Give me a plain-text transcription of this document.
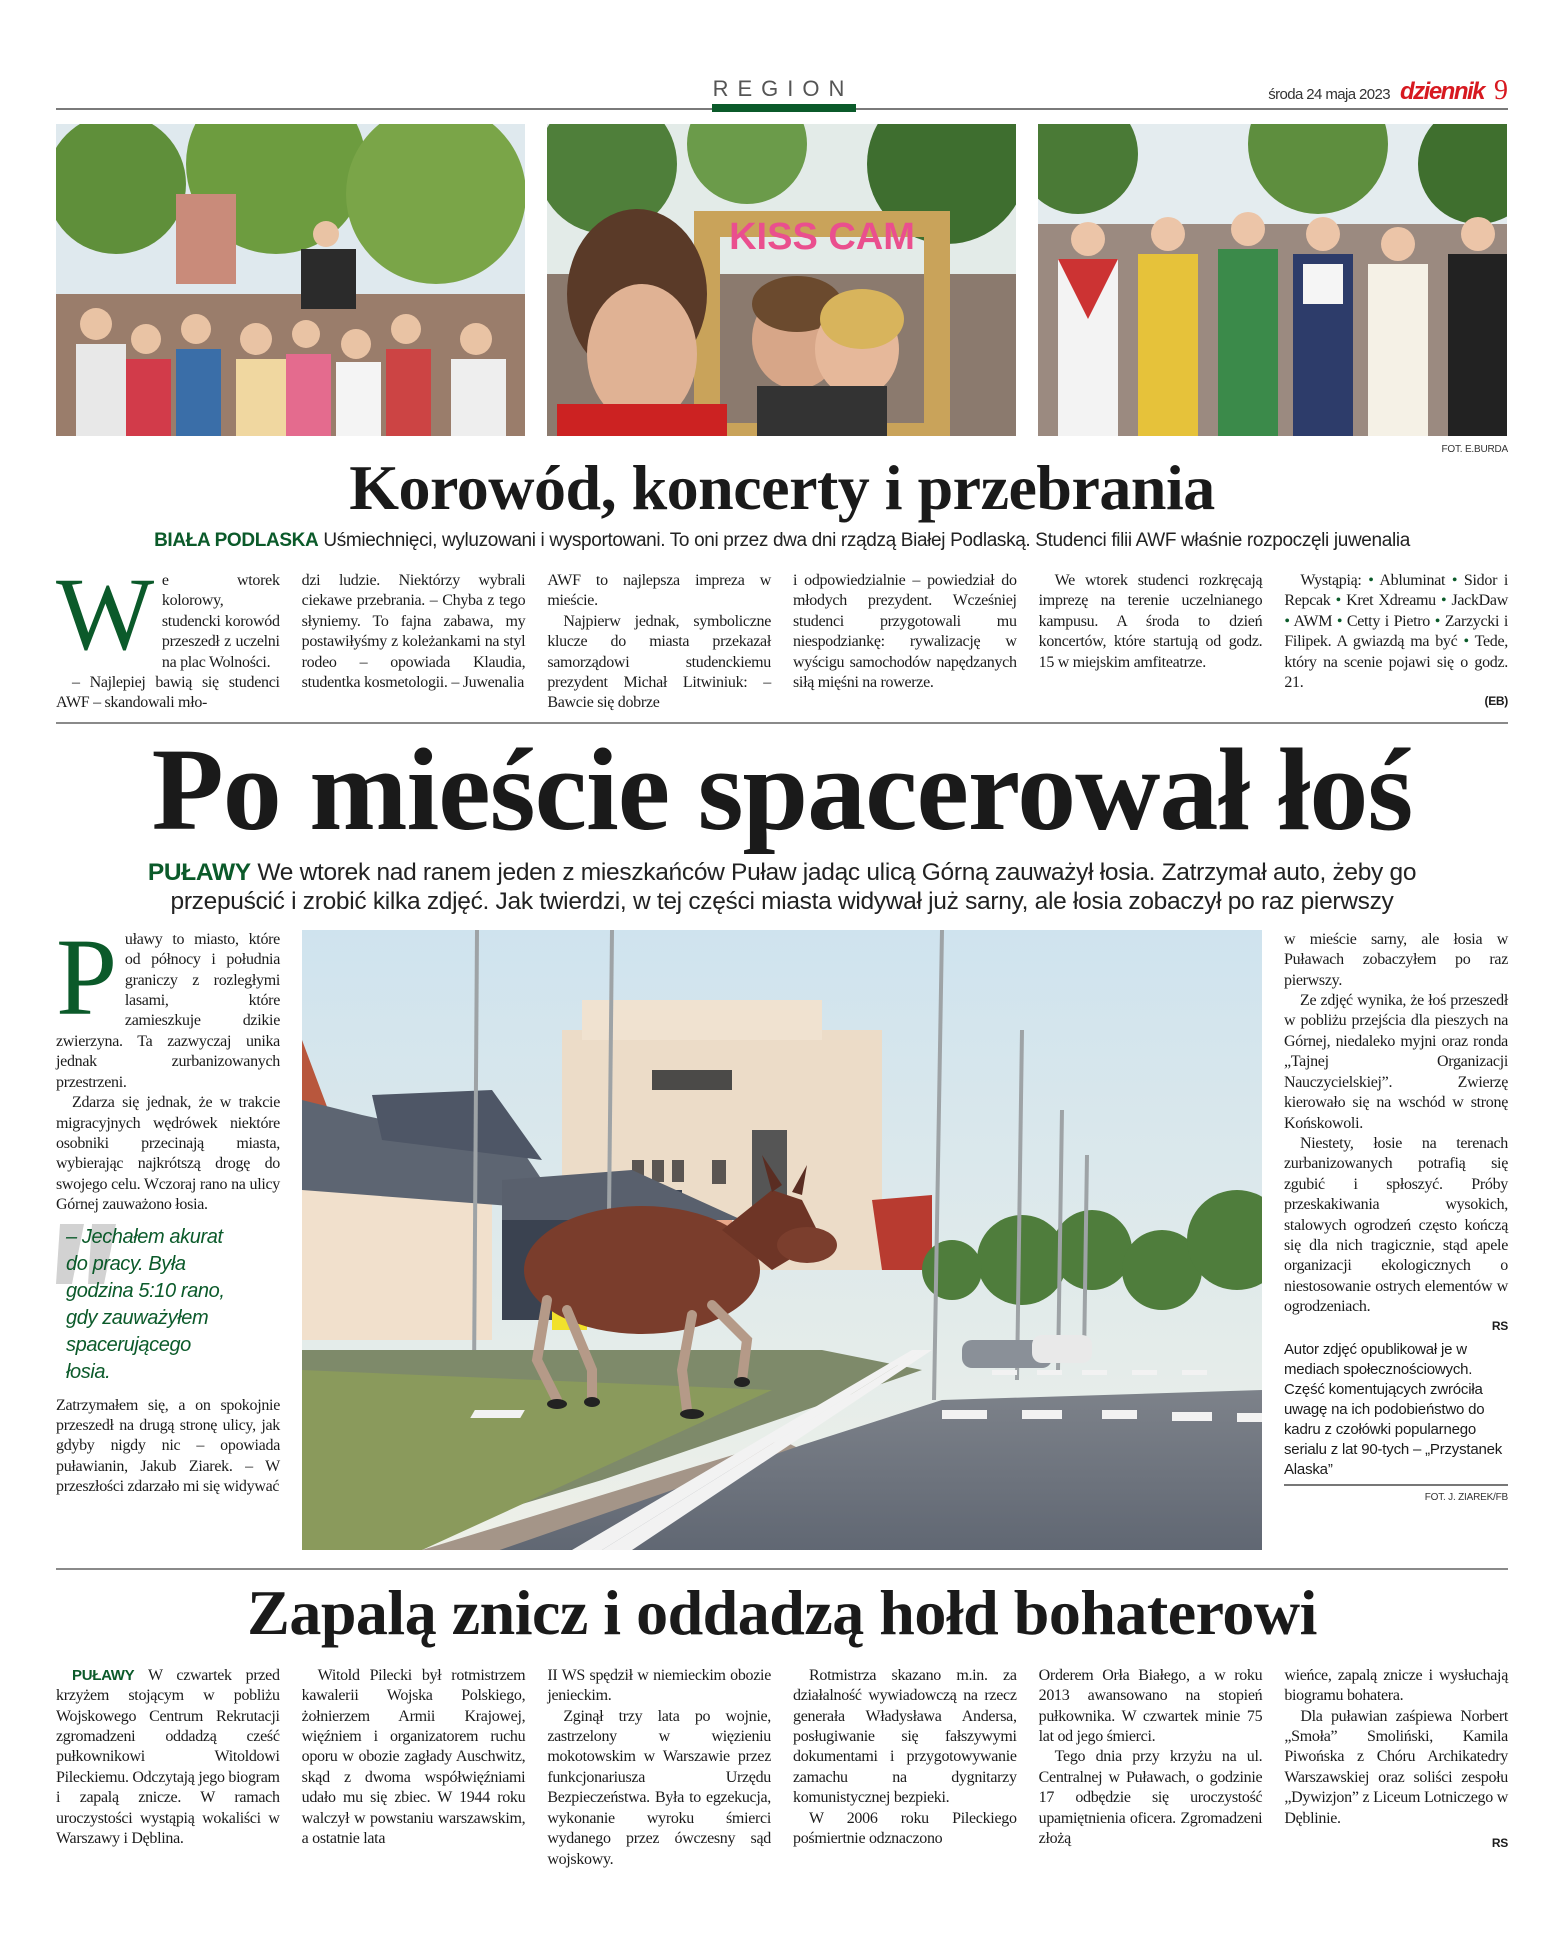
REGION	środa 24 maja 2023 dziennik 9
KISS CAM
FOT. E.BURDA
Korowód, koncerty i przebrania
BIAŁA PODLASKA Uśmiechnięci, wyluzowani i wysportowani. To oni przez dwa dni rządzą Białej Podlaską. Studenci filii AWF właśnie rozpoczęli juwenalia
W e wtorek kolorowy, studencki korowód przeszedł z uczelni na plac Wolności.

– Najlepiej bawią się studenci AWF – skandowali mło-

dzi ludzie. Niektórzy wybrali ciekawe przebrania. – Chyba z tego słyniemy. To fajna zabawa, my postawiłyśmy z koleżankami na styl rodeo – opowiada Klaudia, studentka kosmetologii. – Juwenalia

AWF to najlepsza impreza w mieście.

Najpierw jednak, symboliczne klucze do miasta przekazał samorządowi studenckiemu prezydent Michał Litwiniuk: – Bawcie się dobrze

i odpowiedzialnie – powiedział do młodych prezydent. Wcześniej studenci przygotowali mu niespodziankę: rywalizację w wyścigu samochodów napędzanych siłą mięśni na rowerze.

We wtorek studenci rozkręcają imprezę na terenie uczelnianego kampusu. A środa to dzień koncertów, które startują od godz. 15 w miejskim amfiteatrze.

Wystąpią: • Abluminat • Sidor i Repcak • Kret Xdreamu • JackDaw • AWM • Cetty i Pietro • Zarzycki i Filipek. A gwiazdą ma być • Tede, który na scenie pojawi się o godz. 21.

(EB)
Po mieście spacerował łoś
PUŁAWY We wtorek nad ranem jeden z mieszkańców Puław jadąc ulicą Górną zauważył łosia. Zatrzymał auto, żeby go przepuścić i zrobić kilka zdjęć. Jak twierdzi, w tej części miasta widywał już sarny, ale łosia zobaczył po raz pierwszy
P uławy to miasto, które od północy i południa graniczy z rozległymi lasami, które zamieszkuje dzikie zwierzyna. Ta zazwyczaj unika jednak zurbanizowanych przestrzeni.

Zdarza się jednak, że w trakcie migracyjnych wędrówek niektóre osobniki przecinają miasta, wybierając najkrótszą drogę do swojego celu. Wczoraj rano na ulicy Górnej zauważono łosia.

– Jechałem akurat
do pracy. Była
godzina 5:10 rano,
gdy zauważyłem
spacerującego
łosia.

Zatrzymałem się, a on spokojnie przeszedł na drugą stronę ulicy, jak gdyby nigdy nic – opowiada puławianin, Jakub Ziarek. – W przeszłości zdarzało mi się widywać

w mieście sarny, ale łosia w Puławach zobaczyłem po raz pierwszy.

Ze zdjęć wynika, że łoś przeszedł w pobliżu przejścia dla pieszych na Górnej, niedaleko myjni oraz ronda „Tajnej Organizacji Nauczycielskiej”. Zwierzę kierowało się na wschód w stronę Końskowoli.

Niestety, łosie na terenach zurbanizowanych potrafią się zgubić i spłoszyć. Próby przeskakiwania wysokich, stalowych ogrodzeń często kończą się dla nich tragicznie, stąd apele organizacji ekologicznych o niestosowanie ostrych elementów w ogrodzeniach.

RS
Autor zdjęć opublikował je w mediach społecznościowych. Część komentujących zwróciła uwagę na ich podobieństwo do kadru z czołówki popularnego serialu z lat 90-tych – „Przystanek Alaska”
FOT. J. ZIAREK/FB
Zapalą znicz i oddadzą hołd bohaterowi

PUŁAWY W czwartek przed krzyżem stojącym w pobliżu Wojskowego Centrum Rekrutacji zgromadzeni oddadzą cześć pułkownikowi Witoldowi Pileckiemu. Odczytają jego biogram i zapalą znicze. W ramach uroczystości wystąpią wokaliści w Warszawy i Dęblina.

Witold Pilecki był rotmistrzem kawalerii Wojska Polskiego, żołnierzem Armii Krajowej, więźniem i organizatorem ruchu oporu w obozie zagłady Auschwitz, skąd z dwoma współwięźniami udało mu się zbiec. W 1944 roku walczył w powstaniu warszawskim, a ostatnie lata

II WS spędził w niemieckim obozie jenieckim.

Zginął trzy lata po wojnie, zastrzelony w więzieniu mokotowskim w Warszawie przez funkcjonariusza Urzędu Bezpieczeństwa. Była to egzekucja, wykonanie wyroku śmierci wydanego przez ówczesny sąd wojskowy.

Rotmistrza skazano m.in. za działalność wywiadowczą na rzecz generała Władysława Andersa, posługiwanie się fałszywymi dokumentami i przygotowywanie zamachu na dygnitarzy komunistycznej bezpieki.

W 2006 roku Pileckiego pośmiertnie odznaczono

Orderem Orła Białego, a w roku 2013 awansowano na stopień pułkownika. W czwartek minie 75 lat od jego śmierci.

Tego dnia przy krzyżu na ul. Centralnej w Puławach, o godzinie 17 odbędzie się uroczystość upamiętnienia oficera. Zgromadzeni złożą

wieńce, zapalą znicze i wysłuchają biogramu bohatera.

Dla puławian zaśpiewa Norbert „Smoła” Smoliński, Kamila Piwońska z Chóru Archikatedry Warszawskiej oraz soliści zespołu „Dywizjon” z Liceum Lotniczego w Dęblinie.

RS
